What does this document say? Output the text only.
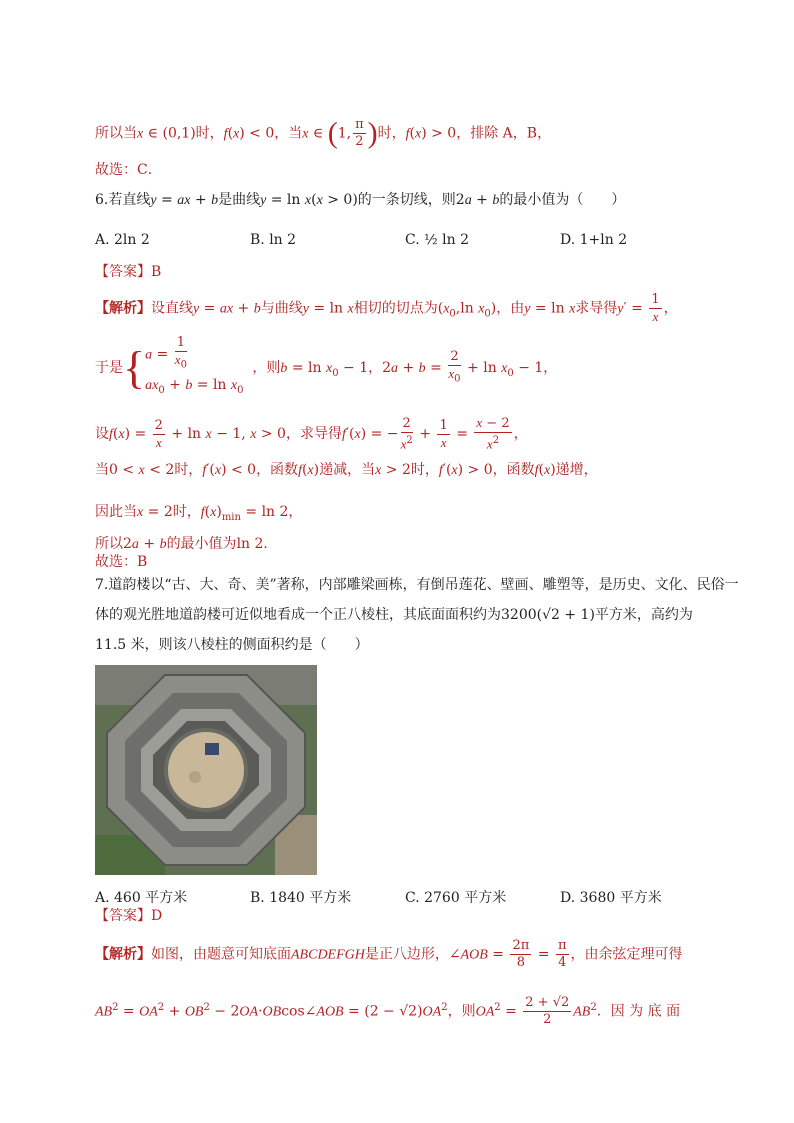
所以当x ∈ (0,1)时，f(x) < 0，当x ∈ (1, $\frac{\pi}{2}$ )时，f(x) > 0，排除 A，B，
故选：C．
6.若直线y = ax + b是曲线y = ln x(x > 0)的一条切线，则2a + b的最小值为（　　）
A. 2ln 2	B. ln 2	C. ½ ln 2	D. 1+ln 2
【答案】B
【解析】设直线y = ax + b与曲线y = ln x相切的切点为($x_0,\ln$ $x_0$)，由y = ln x求导得$y' = \frac{1}{x}$ ，
于是{ $a = \frac{1}{x_0}$
$ax_0 + b = \ln x_0$
，则$b = \ln x_0 - 1$，$2a + b = \frac{2}{x_0} + \ln x_0 - 1$，
设$f(x) = \frac{2}{x} + \ln x - 1$, x > 0，求导得f′(x) = − $\frac{2}{x^2} + \frac{1}{x} = \frac{x - 2}{x^2}$ ，
当0 < x < 2时，f′(x) < 0，函数f(x)递减，当x > 2时，f′(x) > 0，函数f(x)递增，
因此当x = 2时，$f(x)_{min} = \ln 2$，
所以2a + b的最小值为ln 2．
故选：B
7.道韵楼以“古、大、奇、美”著称，内部雕梁画栋，有倒吊莲花、壁画、雕塑等，是历史、文化、民俗一
体的观光胜地道韵楼可近似地看成一个正八棱柱，其底面面积约为3200(√2 + 1)平方米，高约为
11.5 米，则该八棱柱的侧面积约是（　　）
A. 460 平方米	B. 1840 平方米	C. 2760 平方米	D. 3680 平方米
【答案】D
【解析】如图，由题意可知底面ABCDEFGH是正八边形，∠AOB = $\frac{2\pi}{8} = \frac{\pi}{4}$ ，由余弦定理可得
$AB^2 = OA^2 + OB^2$ − 2OA·OBcos∠AOB = $(2 - √2)OA^2$，则$OA^2 = \frac{2 + √2}{2} AB^2$．因 为 底 面
